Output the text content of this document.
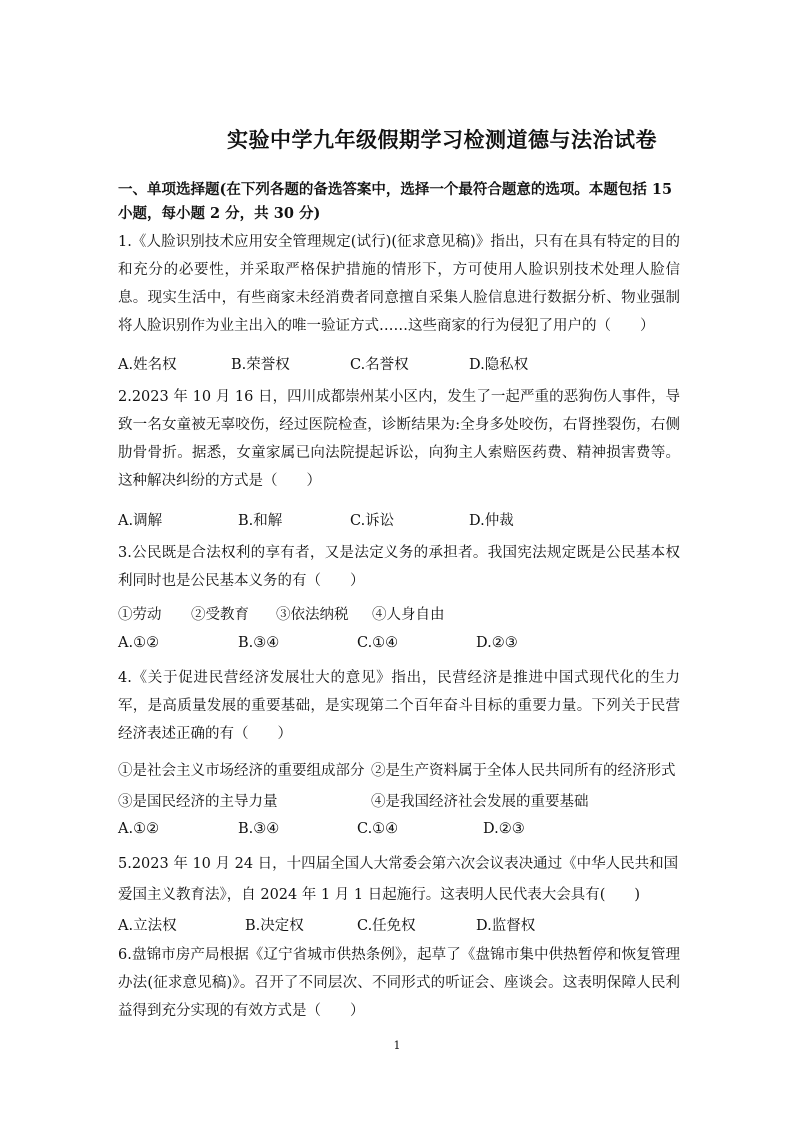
实验中学九年级假期学习检测道德与法治试卷
一、单项选择题(在下列各题的备选答案中，选择一个最符合题意的选项。本题包括 15 小题，每小题 2 分，共 30 分)
1.《人脸识别技术应用安全管理规定(试行)(征求意见稿)》指出，只有在具有特定的目的和充分的必要性，并采取严格保护措施的情形下，方可使用人脸识别技术处理人脸信息。现实生活中，有些商家未经消费者同意擅自采集人脸信息进行数据分析、物业强制将人脸识别作为业主出入的唯一验证方式……这些商家的行为侵犯了用户的（　　）
A.姓名权	B.荣誉权	C.名誉权	D.隐私权
2.2023 年 10 月 16 日，四川成都崇州某小区内，发生了一起严重的恶狗伤人事件，导致一名女童被无辜咬伤，经过医院检查，诊断结果为:全身多处咬伤，右肾挫裂伤，右侧肋骨骨折。据悉，女童家属已向法院提起诉讼，向狗主人索赔医药费、精神损害费等。这种解决纠纷的方式是（　　）
A.调解	B.和解	C.诉讼	D.仲裁
3.公民既是合法权利的享有者，又是法定义务的承担者。我国宪法规定既是公民基本权利同时也是公民基本义务的有（　　）
①劳动 ②受教育 ③依法纳税 ④人身自由
A.①②	B.③④	C.①④	D.②③
4.《关于促进民营经济发展壮大的意见》指出，民营经济是推进中国式现代化的生力军，是高质量发展的重要基础，是实现第二个百年奋斗目标的重要力量。下列关于民营经济表述正确的有（　　）
①是社会主义市场经济的重要组成部分 ②是生产资料属于全体人民共同所有的经济形式
③是国民经济的主导力量	④是我国经济社会发展的重要基础
A.①②	B.③④	C.①④	D.②③
5.2023 年 10 月 24 日，十四届全国人大常委会第六次会议表决通过《中华人民共和国
爱国主义教育法》，自 2024 年 1 月 1 日起施行。这表明人民代表大会具有(　　)
A.立法权	B.决定权	C.任免权	D.监督权
6.盘锦市房产局根据《辽宁省城市供热条例》，起草了《盘锦市集中供热暂停和恢复管理办法(征求意见稿)》。召开了不同层次、不同形式的听证会、座谈会。这表明保障人民利益得到充分实现的有效方式是（　　）
1
